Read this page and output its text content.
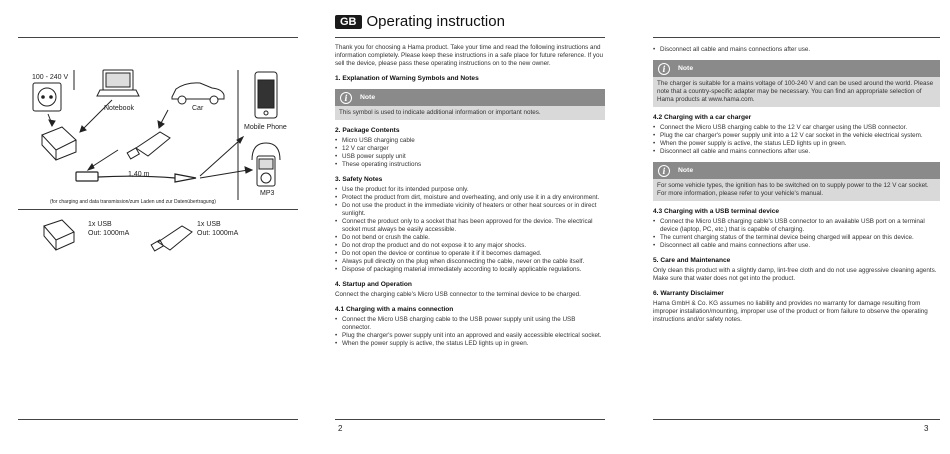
100 - 240 V
Notebook	Car
Mobile Phone
MP3
1,40 m
(for charging and data transmission/zum Laden und zur Datenübertragung)
1x USB
Out: 1000mA
1x USB
Out: 1000mA
GB Operating instruction

Thank you for choosing a Hama product. Take your time and read the following instructions and information completely. Please keep these instructions in a safe place for future reference. If you sell the device, please pass these operating instructions on to the new owner.

1. Explanation of Warning Symbols and Notes
i	Note
This symbol is used to indicate additional information or important notes.
2. Package Contents
• Micro USB charging cable
• 12 V car charger
• USB power supply unit
• These operating instructions
3. Safety Notes
• Use the product for its intended purpose only.
• Protect the product from dirt, moisture and overheating, and only use it in a dry environment.
• Do not use the product in the immediate vicinity of heaters or other heat sources or in direct sunlight.
• Connect the product only to a socket that has been approved for the device. The electrical socket must always be easily accessible.
• Do not bend or crush the cable.
• Do not drop the product and do not expose it to any major shocks.
• Do not open the device or continue to operate it if it becomes damaged.
• Always pull directly on the plug when disconnecting the cable, never on the cable itself.
• Dispose of packaging material immediately according to locally applicable regulations.
4. Startup and Operation

Connect the charging cable's Micro USB connector to the terminal device to be charged.

4.1 Charging with a mains connection
• Connect the Micro USB charging cable to the USB power supply unit using the USB connector.
• Plug the charger's power supply unit into an approved and easily accessible electrical socket.
• When the power supply is active, the status LED lights up in green.
2
• Disconnect all cable and mains connections after use.
i	Note
The charger is suitable for a mains voltage of 100-240 V and can be used around the world. Please note that a country-specific adapter may be necessary. You can find an appropriate selection of Hama products at www.hama.com.
4.2 Charging with a car charger
• Connect the Micro USB charging cable to the 12 V car charger using the USB connector.
• Plug the car charger's power supply unit into a 12 V car socket in the vehicle electrical system.
• When the power supply is active, the status LED lights up in green.
• Disconnect all cable and mains connections after use.
i	Note
For some vehicle types, the ignition has to be switched on to supply power to the 12 V car socket. For more information, please refer to your vehicle's manual.
4.3 Charging with a USB terminal device
• Connect the Micro USB charging cable's USB connector to an available USB port on a terminal device (laptop, PC, etc.) that is capable of charging.
• The current charging status of the terminal device being charged will appear on this device.
• Disconnect all cable and mains connections after use.
5. Care and Maintenance

Only clean this product with a slightly damp, lint-free cloth and do not use aggressive cleaning agents. Make sure that water does not get into the product.

6. Warranty Disclaimer

Hama GmbH & Co. KG assumes no liability and provides no warranty for damage resulting from improper installation/mounting, improper use of the product or from failure to observe the operating instructions and/or safety notes.

3
